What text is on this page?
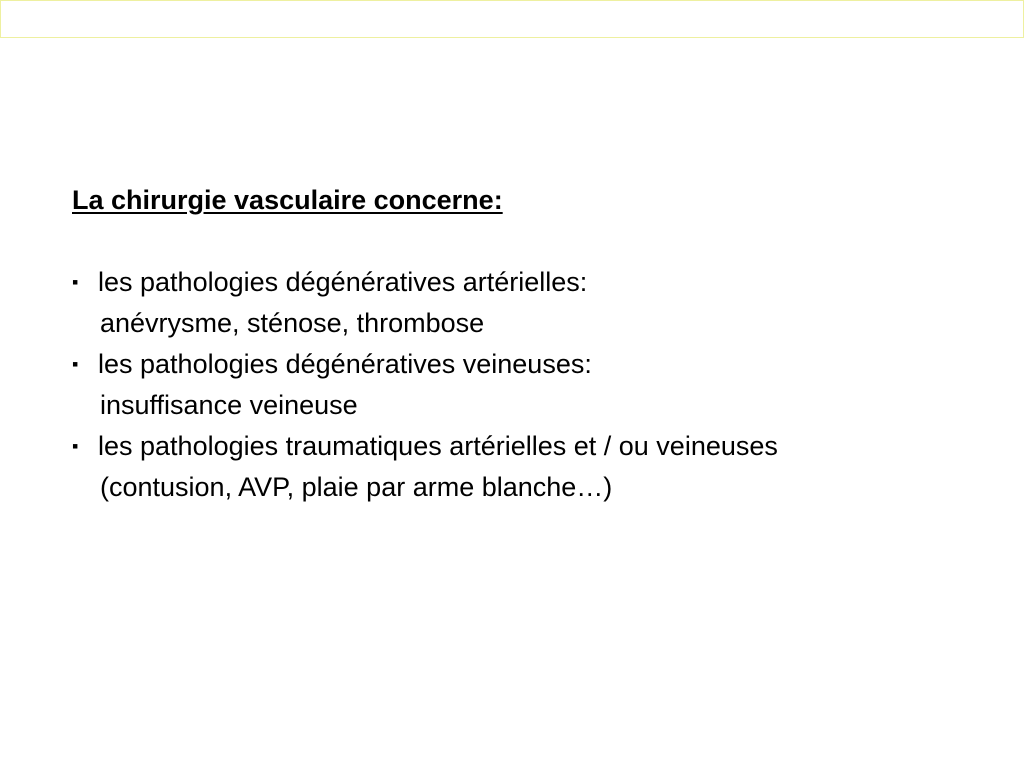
La chirurgie vasculaire concerne:
▪ les pathologies dégénératives artérielles:
anévrysme, sténose, thrombose
▪ les pathologies dégénératives veineuses:
insuffisance veineuse
▪ les pathologies traumatiques artérielles et / ou veineuses
(contusion, AVP, plaie par arme blanche…)
